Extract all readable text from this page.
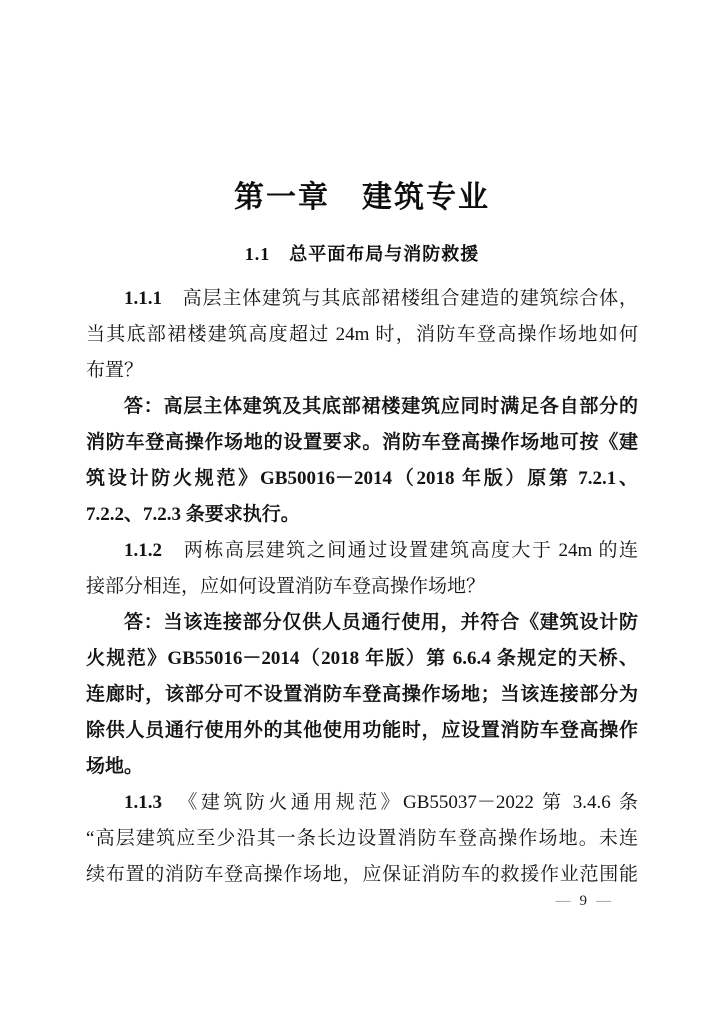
第一章　建筑专业
1.1　总平面布局与消防救援
1.1.1　高层主体建筑与其底部裙楼组合建造的建筑综合体，
当其底部裙楼建筑高度超过 24m 时，消防车登高操作场地如何
布置？
答：高层主体建筑及其底部裙楼建筑应同时满足各自部分的
消防车登高操作场地的设置要求。消防车登高操作场地可按《建
筑设计防火规范》GB50016－2014（2018 年版）原第 7.2.1、
7.2.2、7.2.3 条要求执行。
1.1.2　两栋高层建筑之间通过设置建筑高度大于 24m 的连
接部分相连，应如何设置消防车登高操作场地？
答：当该连接部分仅供人员通行使用，并符合《建筑设计防
火规范》GB55016－2014（2018 年版）第 6.6.4 条规定的天桥、
连廊时，该部分可不设置消防车登高操作场地；当该连接部分为
除供人员通行使用外的其他使用功能时，应设置消防车登高操作
场地。
1.1.3　《建筑防火通用规范》GB55037－2022 第 3.4.6 条
“高层建筑应至少沿其一条长边设置消防车登高操作场地。未连
续布置的消防车登高操作场地，应保证消防车的救援作业范围能
— 9 —
